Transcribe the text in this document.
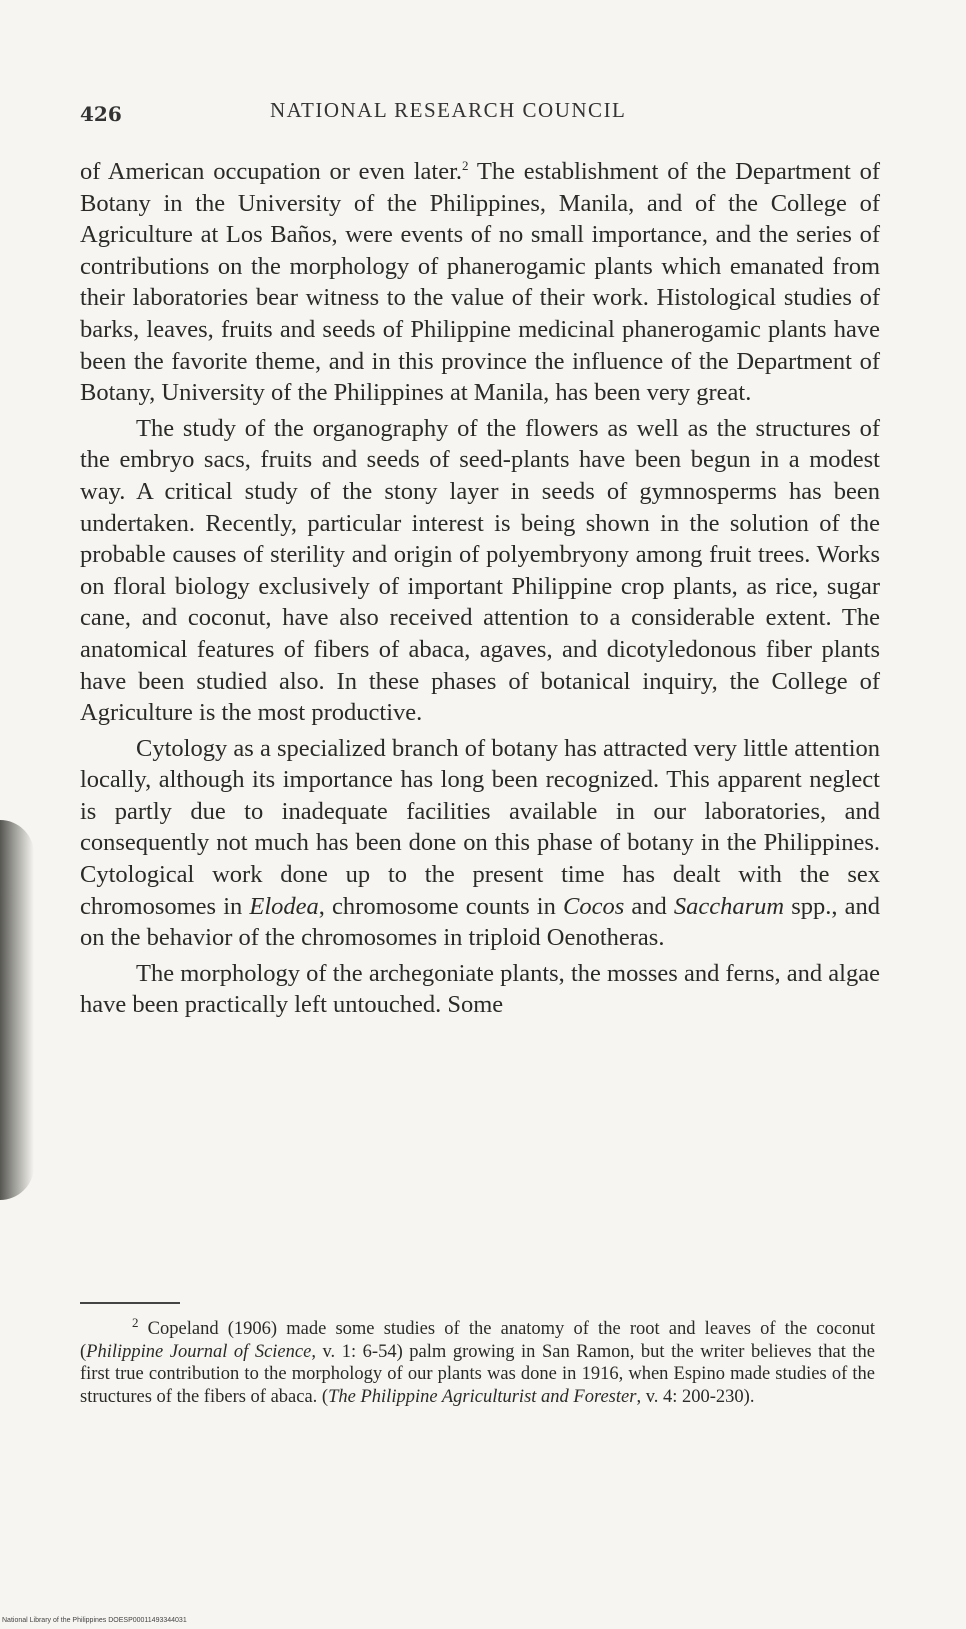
426	NATIONAL RESEARCH COUNCIL

of American occupation or even later.$^2$ The establishment of the Department of Botany in the University of the Philippines, Manila, and of the College of Agriculture at Los Baños, were events of no small importance, and the series of contributions on the morphology of phanerogamic plants which emanated from their laboratories bear witness to the value of their work. Histological studies of barks, leaves, fruits and seeds of Philippine medicinal phanerogamic plants have been the favorite theme, and in this province the influence of the Department of Botany, University of the Philippines at Manila, has been very great.

The study of the organography of the flowers as well as the structures of the embryo sacs, fruits and seeds of seed-plants have been begun in a modest way. A critical study of the stony layer in seeds of gymnosperms has been undertaken. Recently, particular interest is being shown in the solution of the probable causes of sterility and origin of polyembryony among fruit trees. Works on floral biology exclusively of important Philippine crop plants, as rice, sugar cane, and coconut, have also received attention to a considerable extent. The anatomical features of fibers of abaca, agaves, and dicotyledonous fiber plants have been studied also. In these phases of botanical inquiry, the College of Agriculture is the most productive.

Cytology as a specialized branch of botany has attracted very little attention locally, although its importance has long been recognized. This apparent neglect is partly due to inadequate facilities available in our laboratories, and consequently not much has been done on this phase of botany in the Philippines. Cytological work done up to the present time has dealt with the sex chromosomes in Elodea, chromosome counts in Cocos and Saccharum spp., and on the behavior of the chromosomes in triploid Oenotheras.

The morphology of the archegoniate plants, the mosses and ferns, and algae have been practically left untouched. Some

$^2$ Copeland (1906) made some studies of the anatomy of the root and leaves of the coconut (Philippine Journal of Science, v. 1: 6-54) palm growing in San Ramon, but the writer believes that the first true contribution to the morphology of our plants was done in 1916, when Espino made studies of the structures of the fibers of abaca. (The Philippine Agriculturist and Forester, v. 4: 200-230).

National Library of the Philippines DOESP00011493344031
